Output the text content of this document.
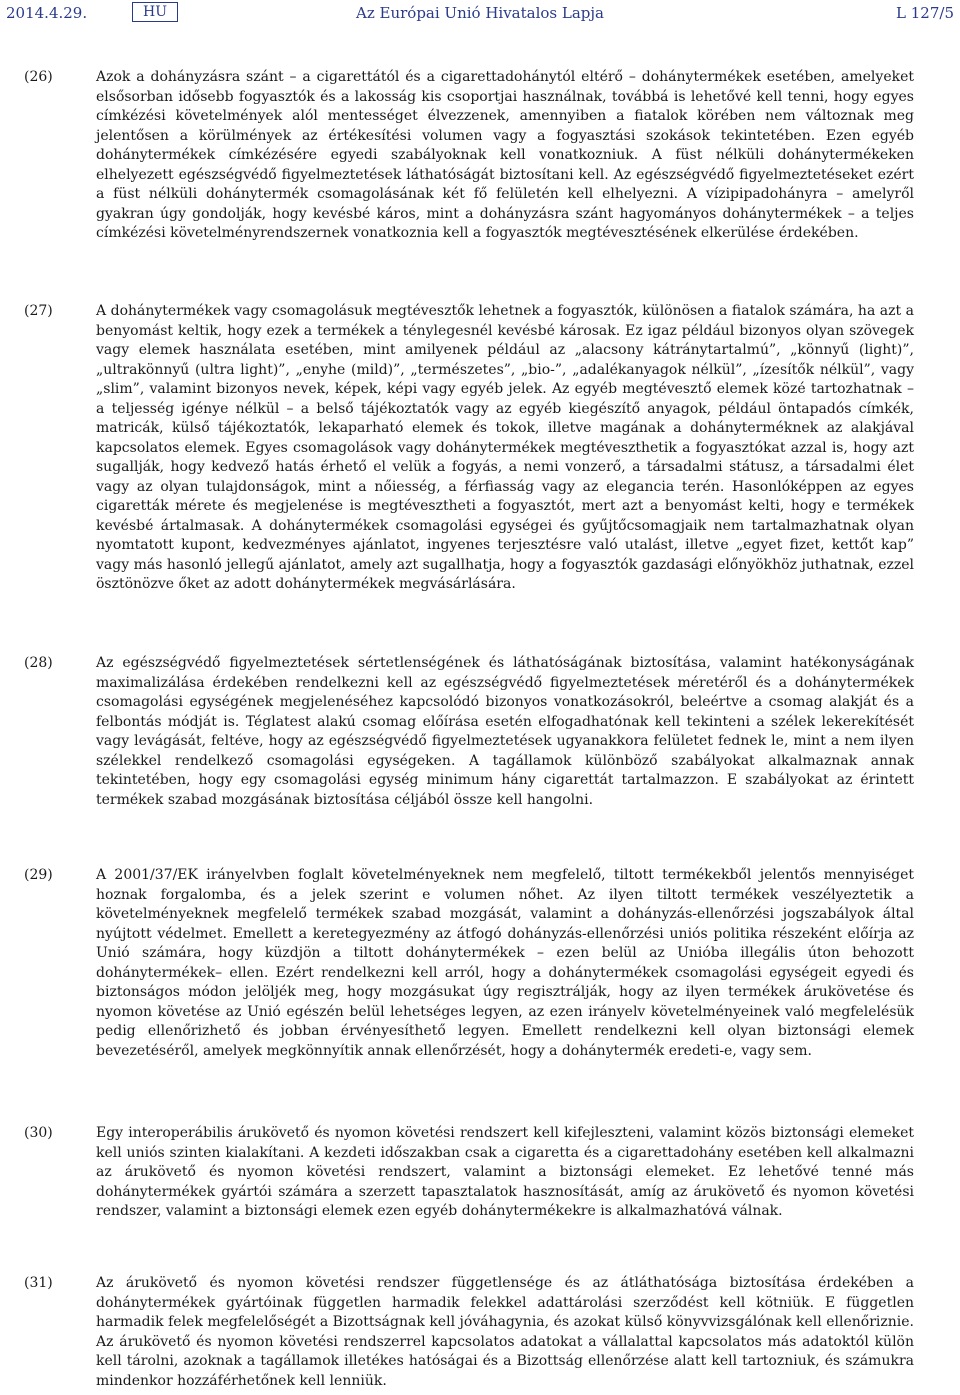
2014.4.29.	HU	Az Európai Unió Hivatalos Lapja	L 127/5
(26)	Azok a dohányzásra szánt – a cigarettától és a cigarettadohánytól eltérő – dohánytermékek esetében, amelyeket elsősorban idősebb fogyasztók és a lakosság kis csoportjai használnak, továbbá is lehetővé kell tenni, hogy egyes címkézési követelmények alól mentességet élvezzenek, amennyiben a fiatalok körében nem változnak meg jelentősen a körülmények az értékesítési volumen vagy a fogyasztási szokások tekintetében. Ezen egyéb dohánytermékek címkézésére egyedi szabályoknak kell vonatkozniuk. A füst nélküli dohánytermékeken elhelyezett egészségvédő figyelmeztetések láthatóságát biztosítani kell. Az egészségvédő figyelmeztetéseket ezért a füst nélküli dohánytermék csomagolásának két fő felületén kell elhelyezni. A vízipipadohányra – amelyről gyakran úgy gondolják, hogy kevésbé káros, mint a dohányzásra szánt hagyományos dohánytermékek – a teljes címkézési követelményrendszernek vonatkoznia kell a fogyasztók megtévesztésének elkerülése érdekében.
(27)	A dohánytermékek vagy csomagolásuk megtévesztők lehetnek a fogyasztók, különösen a fiatalok számára, ha azt a benyomást keltik, hogy ezek a termékek a ténylegesnél kevésbé károsak. Ez igaz például bizonyos olyan szövegek vagy elemek használata esetében, mint amilyenek például az „alacsony kátránytartalmú”, „könnyű (light)”, „ultrakönnyű (ultra light)”, „enyhe (mild)”, „természetes”, „bio-”, „adalékanyagok nélkül”, „ízesítők nélkül”, vagy „slim”, valamint bizonyos nevek, képek, képi vagy egyéb jelek. Az egyéb megtévesztő elemek közé tartozhatnak – a teljesség igénye nélkül – a belső tájékoztatók vagy az egyéb kiegészítő anyagok, például öntapadós címkék, matricák, külső tájékoztatók, lekaparható elemek és tokok, illetve magának a dohányterméknek az alakjával kapcsolatos elemek. Egyes csomagolások vagy dohánytermékek megtéveszthetik a fogyasztókat azzal is, hogy azt sugallják, hogy kedvező hatás érhető el velük a fogyás, a nemi vonzerő, a társadalmi státusz, a társadalmi élet vagy az olyan tulajdonságok, mint a nőiesség, a férfiasság vagy az elegancia terén. Hasonlóképpen az egyes cigaretták mérete és megjelenése is megtévesztheti a fogyasztót, mert azt a benyomást kelti, hogy e termékek kevésbé ártalmasak. A dohánytermékek csomagolási egységei és gyűjtőcsomagjaik nem tartalmazhatnak olyan nyomtatott kupont, kedvezményes ajánlatot, ingyenes terjesztésre való utalást, illetve „egyet fizet, kettőt kap” vagy más hasonló jellegű ajánlatot, amely azt sugallhatja, hogy a fogyasztók gazdasági előnyökhöz juthatnak, ezzel ösztönözve őket az adott dohánytermékek megvásárlására.
(28)	Az egészségvédő figyelmeztetések sértetlenségének és láthatóságának biztosítása, valamint hatékonyságának maximalizálása érdekében rendelkezni kell az egészségvédő figyelmeztetések méretéről és a dohánytermékek csomagolási egységének megjelenéséhez kapcsolódó bizonyos vonatkozásokról, beleértve a csomag alakját és a felbontás módját is. Téglatest alakú csomag előírása esetén elfogadhatónak kell tekinteni a szélek lekerekítését vagy levágását, feltéve, hogy az egészségvédő figyelmeztetések ugyanakkora felületet fednek le, mint a nem ilyen szélekkel rendelkező csomagolási egységeken. A tagállamok különböző szabályokat alkalmaznak annak tekintetében, hogy egy csomagolási egység minimum hány cigarettát tartalmazzon. E szabályokat az érintett termékek szabad mozgásának biztosítása céljából össze kell hangolni.
(29)	A 2001/37/EK irányelvben foglalt követelményeknek nem megfelelő, tiltott termékekből jelentős mennyiséget hoznak forgalomba, és a jelek szerint e volumen nőhet. Az ilyen tiltott termékek veszélyeztetik a követelményeknek megfelelő termékek szabad mozgását, valamint a dohányzás-ellenőrzési jogszabályok által nyújtott védelmet. Emellett a keretegyezmény az átfogó dohányzás-ellenőrzési uniós politika részeként előírja az Unió számára, hogy küzdjön a tiltott dohánytermékek – ezen belül az Unióba illegális úton behozott dohánytermékek– ellen. Ezért rendelkezni kell arról, hogy a dohánytermékek csomagolási egységeit egyedi és biztonságos módon jelöljék meg, hogy mozgásukat úgy regisztrálják, hogy az ilyen termékek árukövetése és nyomon követése az Unió egészén belül lehetséges legyen, az ezen irányelv követelményeinek való megfelelésük pedig ellenőrizhető és jobban érvényesíthető legyen. Emellett rendelkezni kell olyan biztonsági elemek bevezetéséről, amelyek megkönnyítik annak ellenőrzését, hogy a dohánytermék eredeti-e, vagy sem.
(30)	Egy interoperábilis árukövető és nyomon követési rendszert kell kifejleszteni, valamint közös biztonsági elemeket kell uniós szinten kialakítani. A kezdeti időszakban csak a cigaretta és a cigarettadohány esetében kell alkalmazni az árukövető és nyomon követési rendszert, valamint a biztonsági elemeket. Ez lehetővé tenné más dohánytermékek gyártói számára a szerzett tapasztalatok hasznosítását, amíg az árukövető és nyomon követési rendszer, valamint a biztonsági elemek ezen egyéb dohánytermékekre is alkalmazhatóvá válnak.
(31)	Az árukövető és nyomon követési rendszer függetlensége és az átláthatósága biztosítása érdekében a dohánytermékek gyártóinak független harmadik felekkel adattárolási szerződést kell kötniük. E független harmadik felek megfelelőségét a Bizottságnak kell jóváhagynia, és azokat külső könyvvizsgálónak kell ellenőriznie. Az árukövető és nyomon követési rendszerrel kapcsolatos adatokat a vállalattal kapcsolatos más adatoktól külön kell tárolni, azoknak a tagállamok illetékes hatóságai és a Bizottság ellenőrzése alatt kell tartozniuk, és számukra mindenkor hozzáférhetőnek kell lenniük.
